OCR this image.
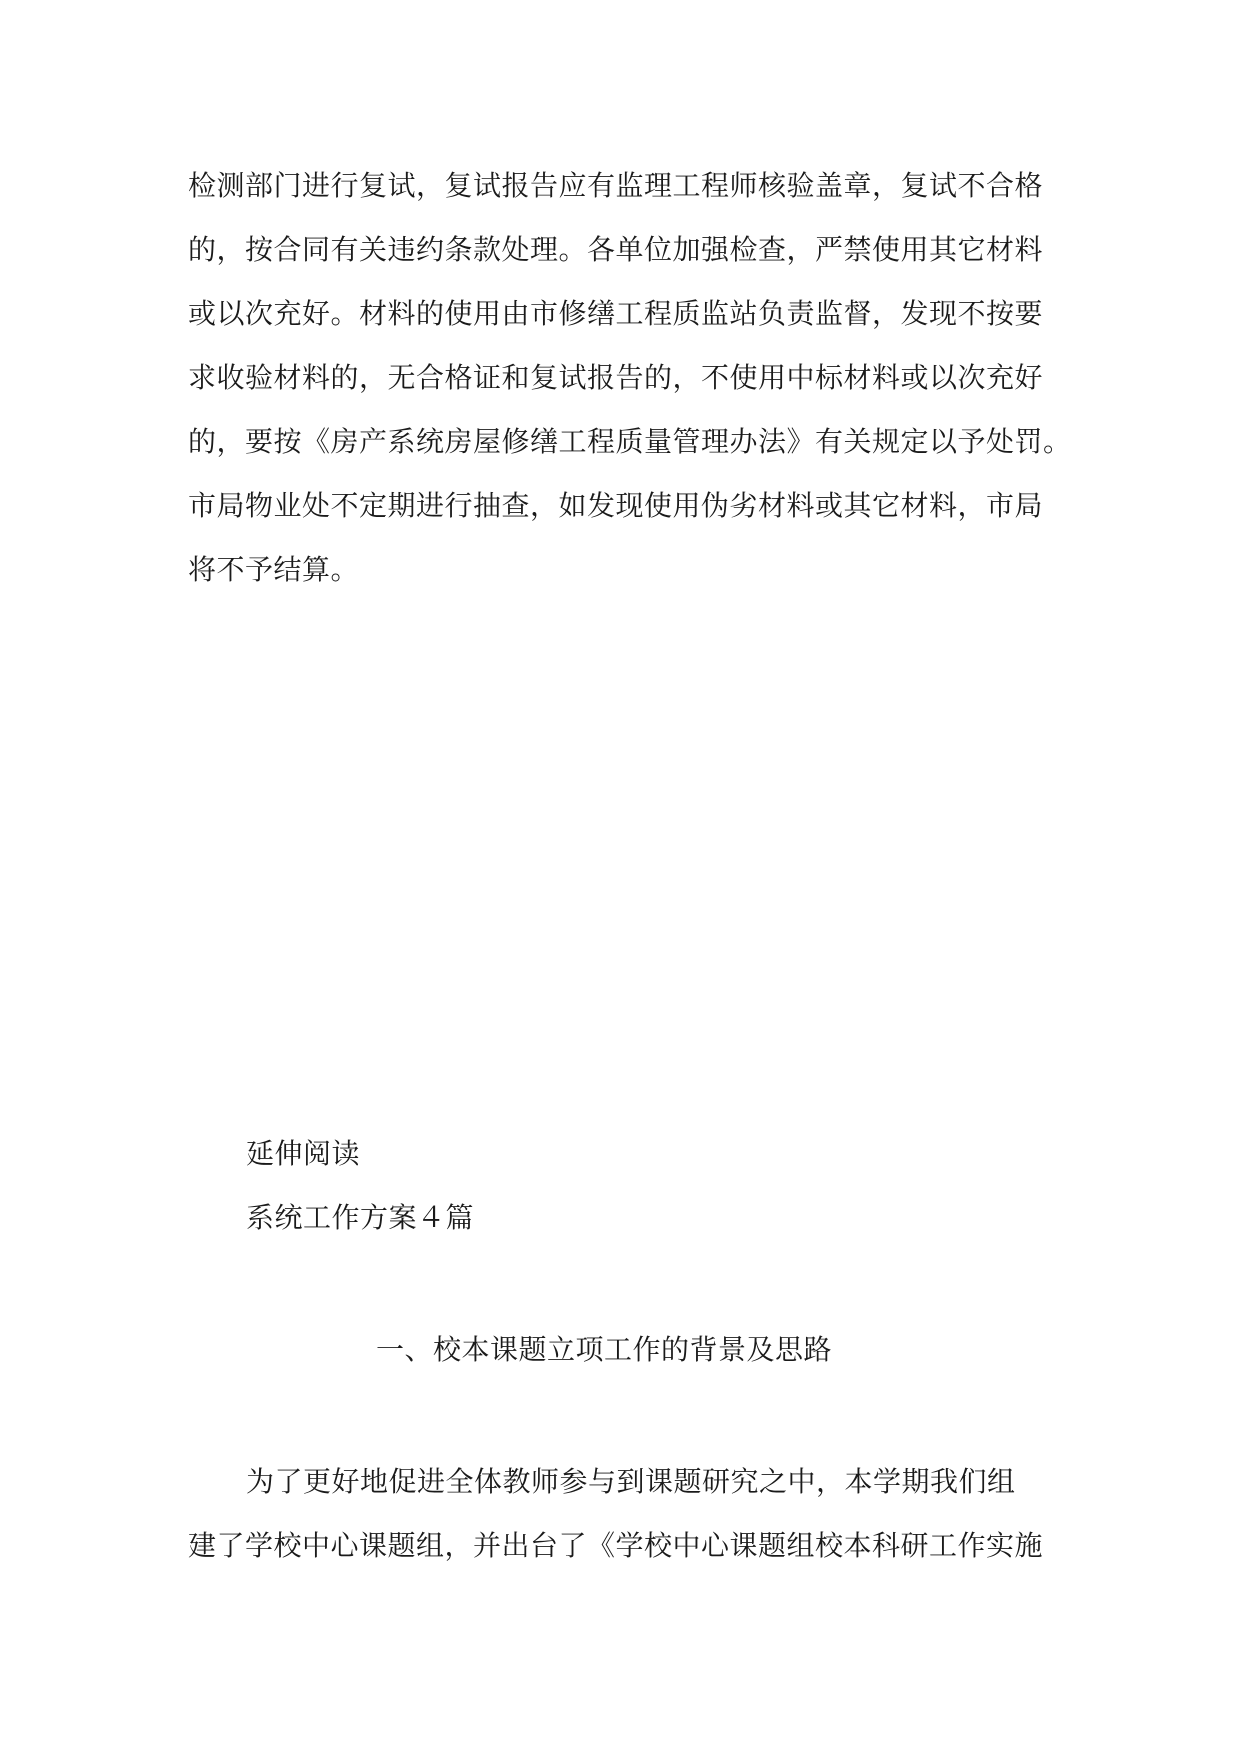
检测部门进行复试，复试报告应有监理工程师核验盖章，复试不合格
的，按合同有关违约条款处理。各单位加强检查，严禁使用其它材料
或以次充好。材料的使用由市修缮工程质监站负责监督，发现不按要
求收验材料的，无合格证和复试报告的，不使用中标材料或以次充好
的，要按《房产系统房屋修缮工程质量管理办法》有关规定以予处罚。
市局物业处不定期进行抽查，如发现使用伪劣材料或其它材料，市局
将不予结算。
延伸阅读
系统工作方案４篇
一、校本课题立项工作的背景及思路
为了更好地促进全体教师参与到课题研究之中，本学期我们组
建了学校中心课题组，并出台了《学校中心课题组校本科研工作实施
